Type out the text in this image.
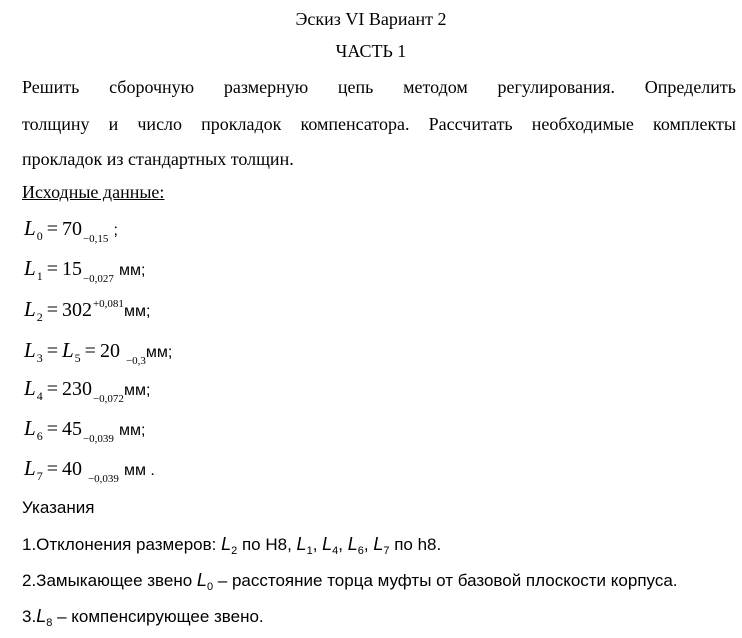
Эскиз VI Вариант 2
ЧАСТЬ 1
Решить сборочную размерную цепь методом регулирования. Определить
толщину и число прокладок компенсатора. Рассчитать необходимые комплекты
прокладок из стандартных толщин.
Исходные данные:
$L_0 = 70_{-0,15}$ ;
$L_1 = 15_{-0,027}$ мм;
$L_2 = 302^{+0,081}мм$;
$L_3 = L_5 = 20$ $_{-0,3}$мм;
$L_4 = 230_{-0,072}мм$;
$L_6 = 45_{-0,039}$ мм;
$L_7 = 40$ $_{-0,039}$ мм .
Указания
1.Отклонения размеров: $L_2$ по Н8, $L_1$, $L_4$, $L_6$, $L_7$ по h8.
2.Замыкающее звено $L_0$ – расстояние торца муфты от базовой плоскости корпуса.
$3.L_8$ – компенсирующее звено.
